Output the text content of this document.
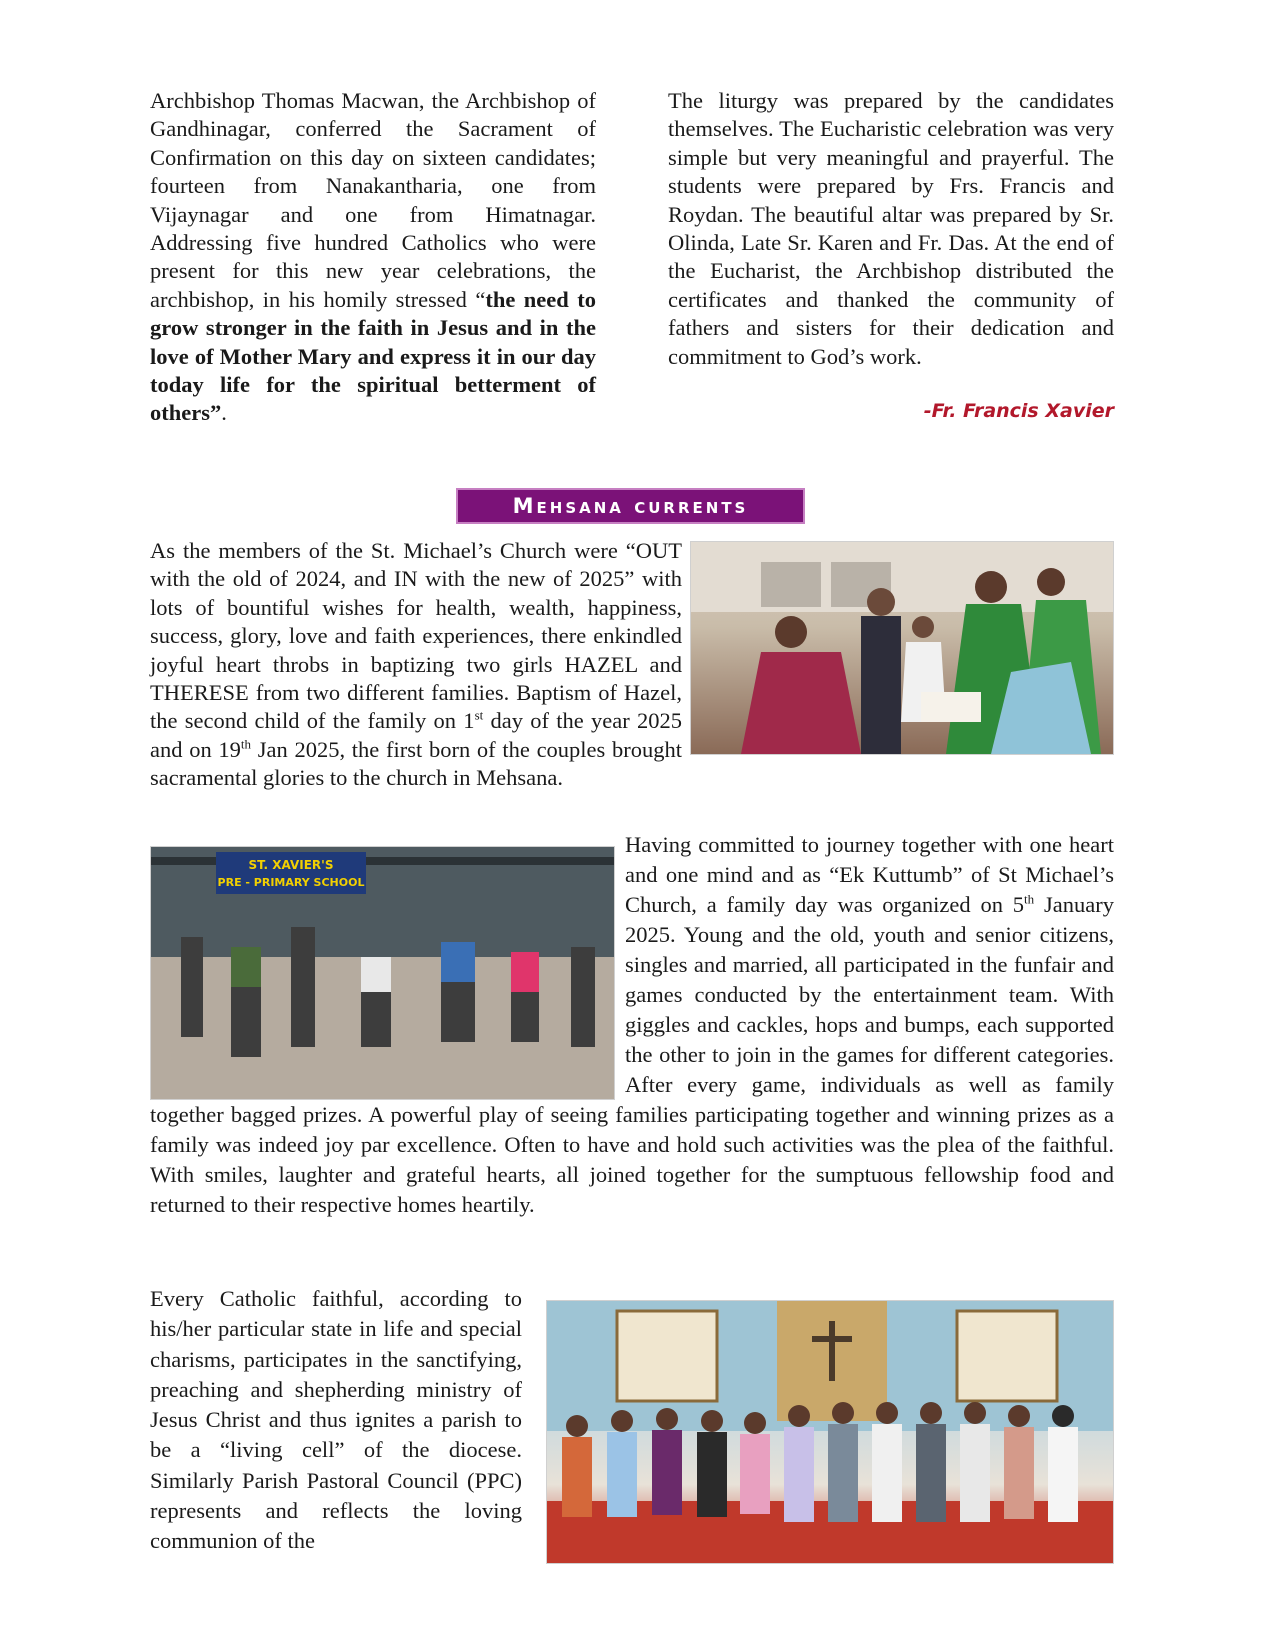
Archbishop Thomas Macwan, the Archbishop of Gandhinagar, conferred the Sacrament of Confirmation on this day on sixteen candidates; fourteen from Nanakantharia, one from Vijaynagar and one from Himatnagar. Addressing five hundred Catholics who were present for this new year celebrations, the archbishop, in his homily stressed “the need to grow stronger in the faith in Jesus and in the love of Mother Mary and express it in our day today life for the spiritual betterment of others”.

The liturgy was prepared by the candidates themselves. The Eucharistic celebration was very simple but very meaningful and prayerful. The students were prepared by Frs. Francis and Roydan. The beautiful altar was prepared by Sr. Olinda, Late Sr. Karen and Fr. Das. At the end of the Eucharist, the Archbishop distributed the certificates and thanked the community of fathers and sisters for their dedication and commitment to God’s work.

-Fr. Francis Xavier

Mehsana currents

As the members of the St. Michael’s Church were “OUT with the old of 2024, and IN with the new of 2025” with lots of bountiful wishes for health, wealth, happiness, success, glory, love and faith experiences, there enkindled joyful heart throbs in baptizing two girls HAZEL and THERESE from two different families. Baptism of Hazel, the second child of the family on 1st day of the year 2025 and on 19th Jan 2025, the first born of the couples brought sacramental glories to the church in Mehsana.

ST. XAVIER'S
PRE - PRIMARY SCHOOL

Having committed to journey together with one heart and one mind and as “Ek Kuttumb” of St Michael’s Church, a family day was organized on 5th January 2025. Young and the old, youth and senior citizens, singles and married, all participated in the funfair and games conducted by the entertainment team. With giggles and cackles, hops and bumps, each supported the other to join in the games for different categories. After every game, individuals as well as family together bagged prizes. A powerful play of seeing families participating together and winning prizes as a family was indeed joy par excellence. Often to have and hold such activities was the plea of the faithful. With smiles, laughter and grateful hearts, all joined together for the sumptuous fellowship food and returned to their respective homes heartily.

Every Catholic faithful, according to his/her particular state in life and special charisms, participates in the sanctifying, preaching and shepherding ministry of Jesus Christ and thus ignites a parish to be a “living cell” of the diocese. Similarly Parish Pastoral Council (PPC) represents and reflects the loving communion of the
